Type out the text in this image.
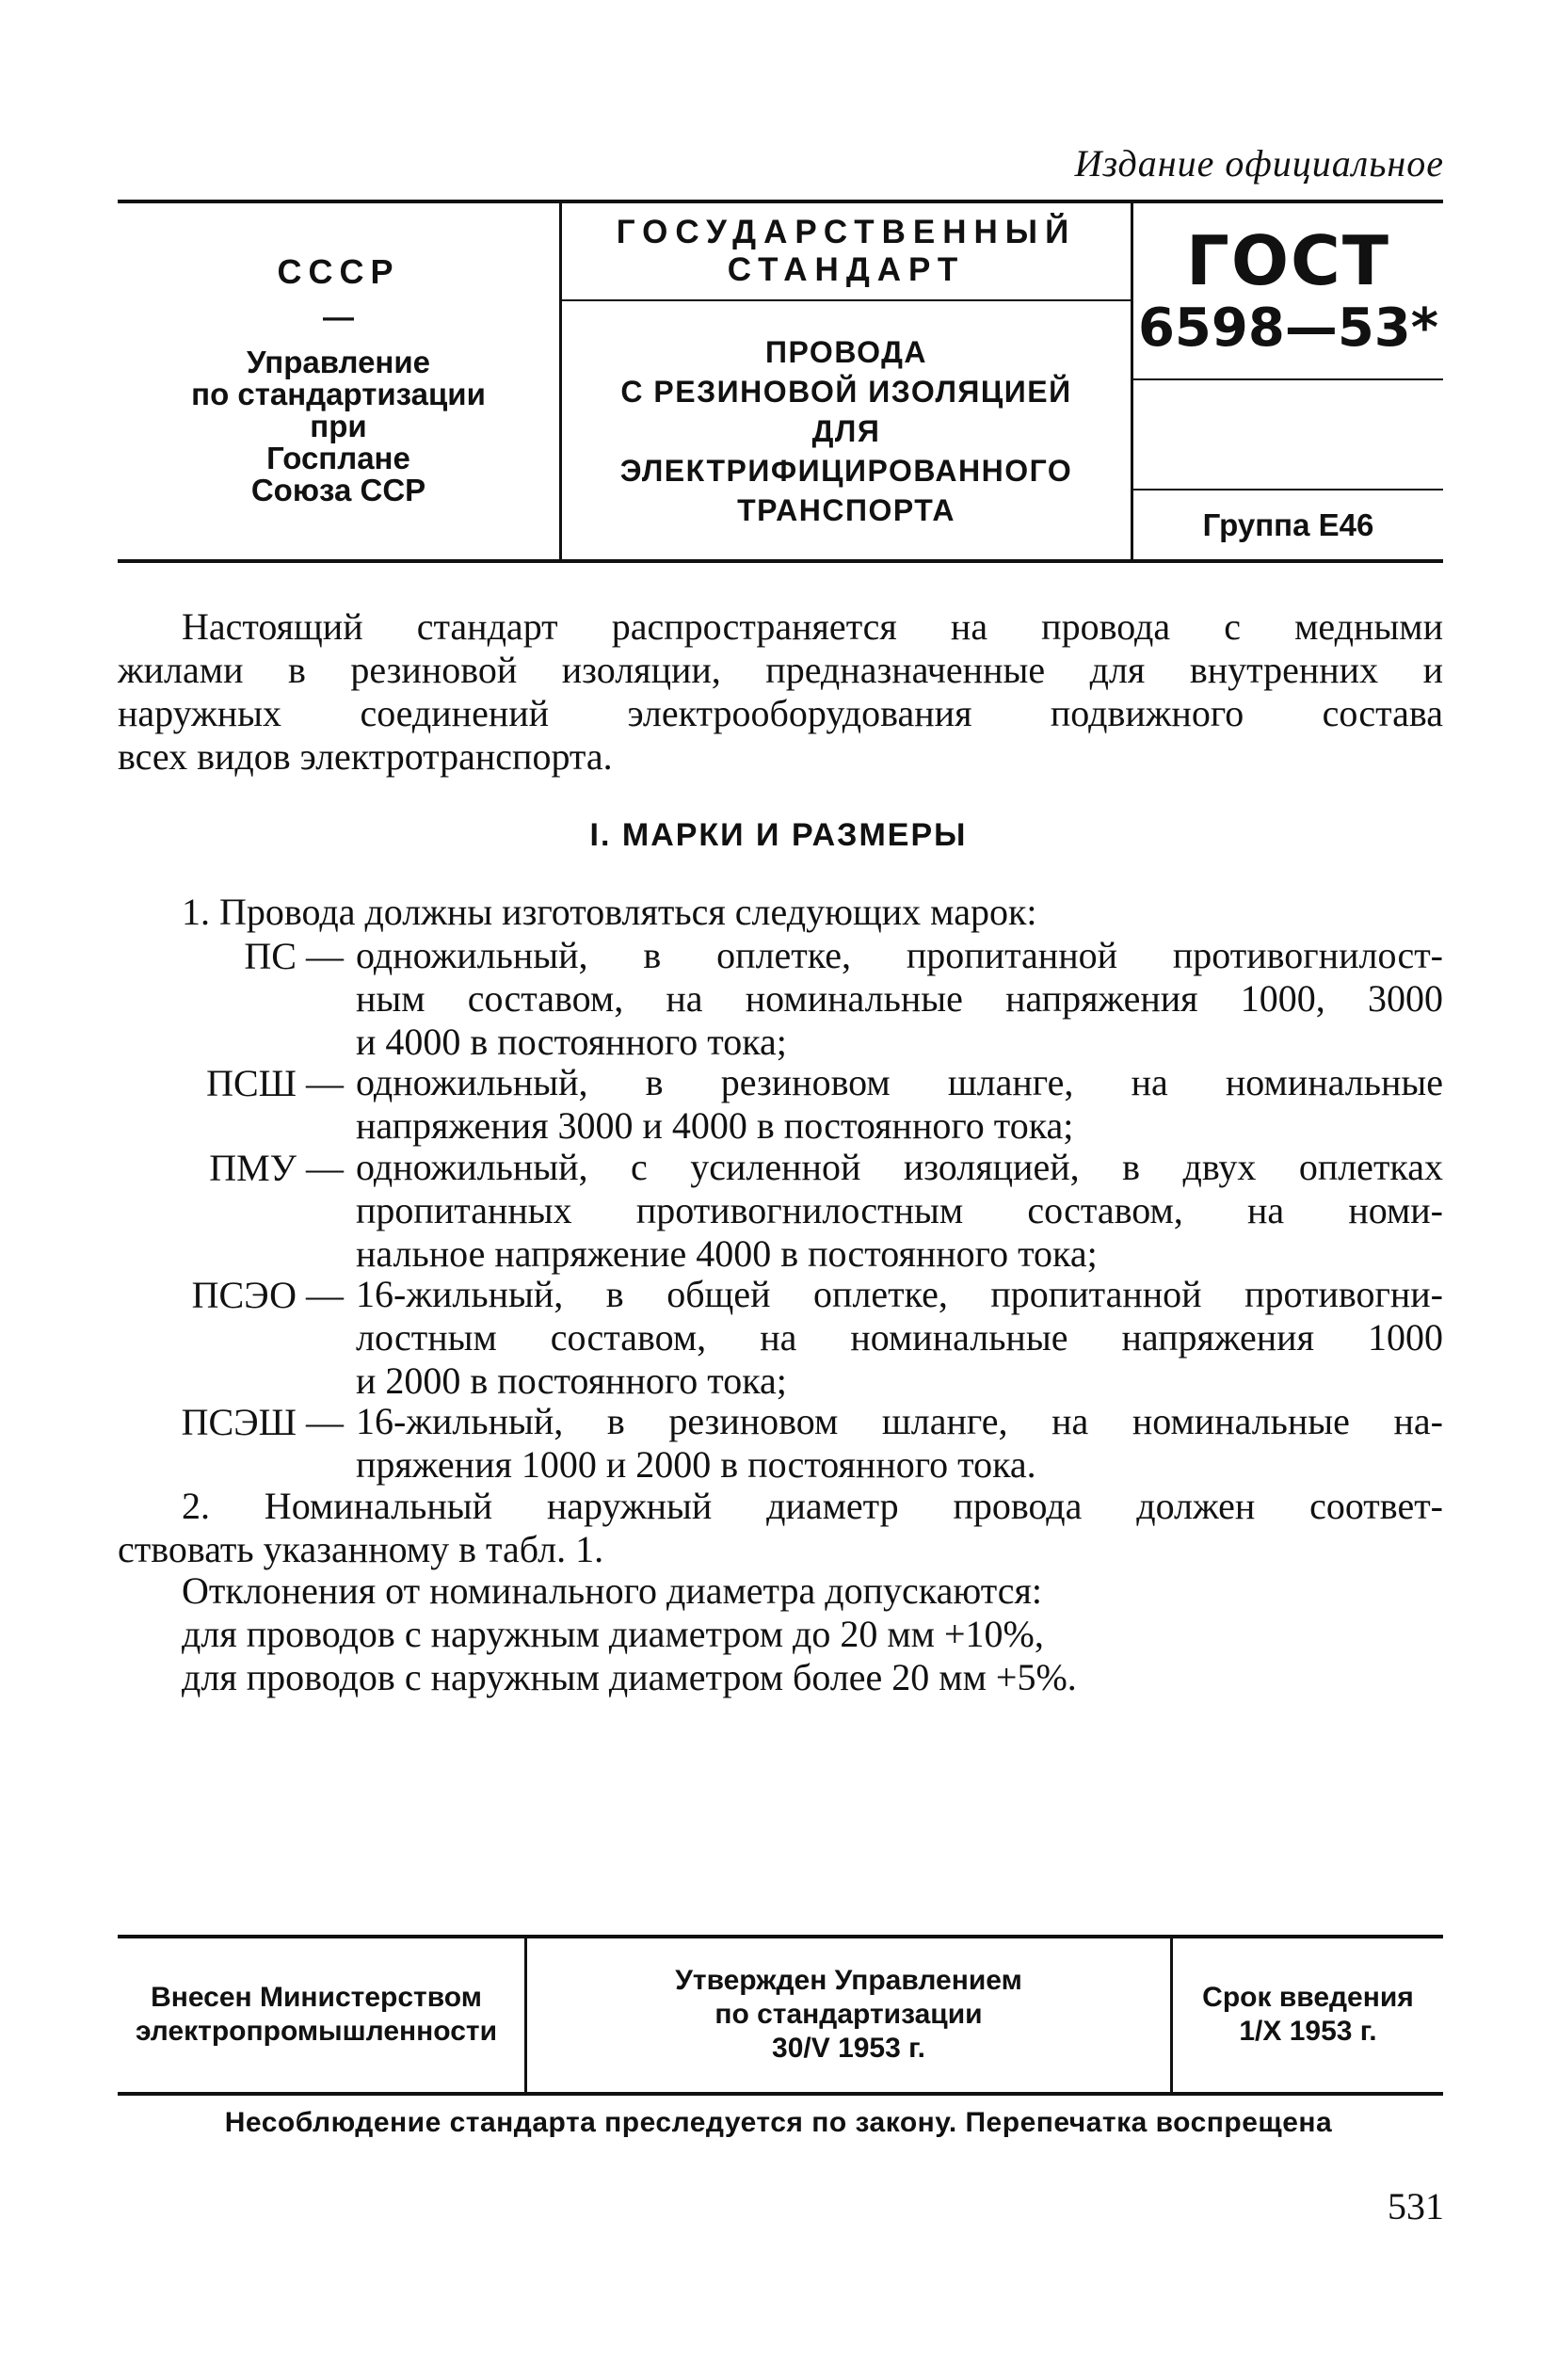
Издание официальное
СССР
—
Управление
по стандартизации
при
Госплане
Союза ССР
ГОСУДАРСТВЕННЫЙ
СТАНДАРТ
ПРОВОДА
С РЕЗИНОВОЙ ИЗОЛЯЦИЕЙ
ДЛЯ
ЭЛЕКТРИФИЦИРОВАННОГО
ТРАНСПОРТА
ГОСТ
6598—53*
Группа Е46
Настоящий стандарт распространяется на провода с медными
жилами в резиновой изоляции, предназначенные для внутренних и
наружных соединений электрооборудования подвижного состава
всех видов электротранспорта.
I. МАРКИ И РАЗМЕРЫ
1. Провода должны изготовляться следующих марок:
ПС — одножильный, в оплетке, пропитанной противогнилост-
ным составом, на номинальные напряжения 1000, 3000
и 4000 в постоянного тока;
ПСШ — одножильный, в резиновом шланге, на номинальные
напряжения 3000 и 4000 в постоянного тока;
ПМУ — одножильный, с усиленной изоляцией, в двух оплетках
пропитанных противогнилостным составом, на номи-
нальное напряжение 4000 в постоянного тока;
ПСЭО — 16-жильный, в общей оплетке, пропитанной противогни-
лостным составом, на номинальные напряжения 1000
и 2000 в постоянного тока;
ПСЭШ — 16-жильный, в резиновом шланге, на номинальные на-
пряжения 1000 и 2000 в постоянного тока.
2. Номинальный наружный диаметр провода должен соответ-
ствовать указанному в табл. 1.
Отклонения от номинального диаметра допускаются:
для проводов с наружным диаметром до 20 мм +10%,
для проводов с наружным диаметром более 20 мм +5%.
Внесен Министерством
электропромышленности
Утвержден Управлением
по стандартизации
30/V 1953 г.
Срок введения
1/X 1953 г.
Несоблюдение стандарта преследуется по закону. Перепечатка воспрещена
531
